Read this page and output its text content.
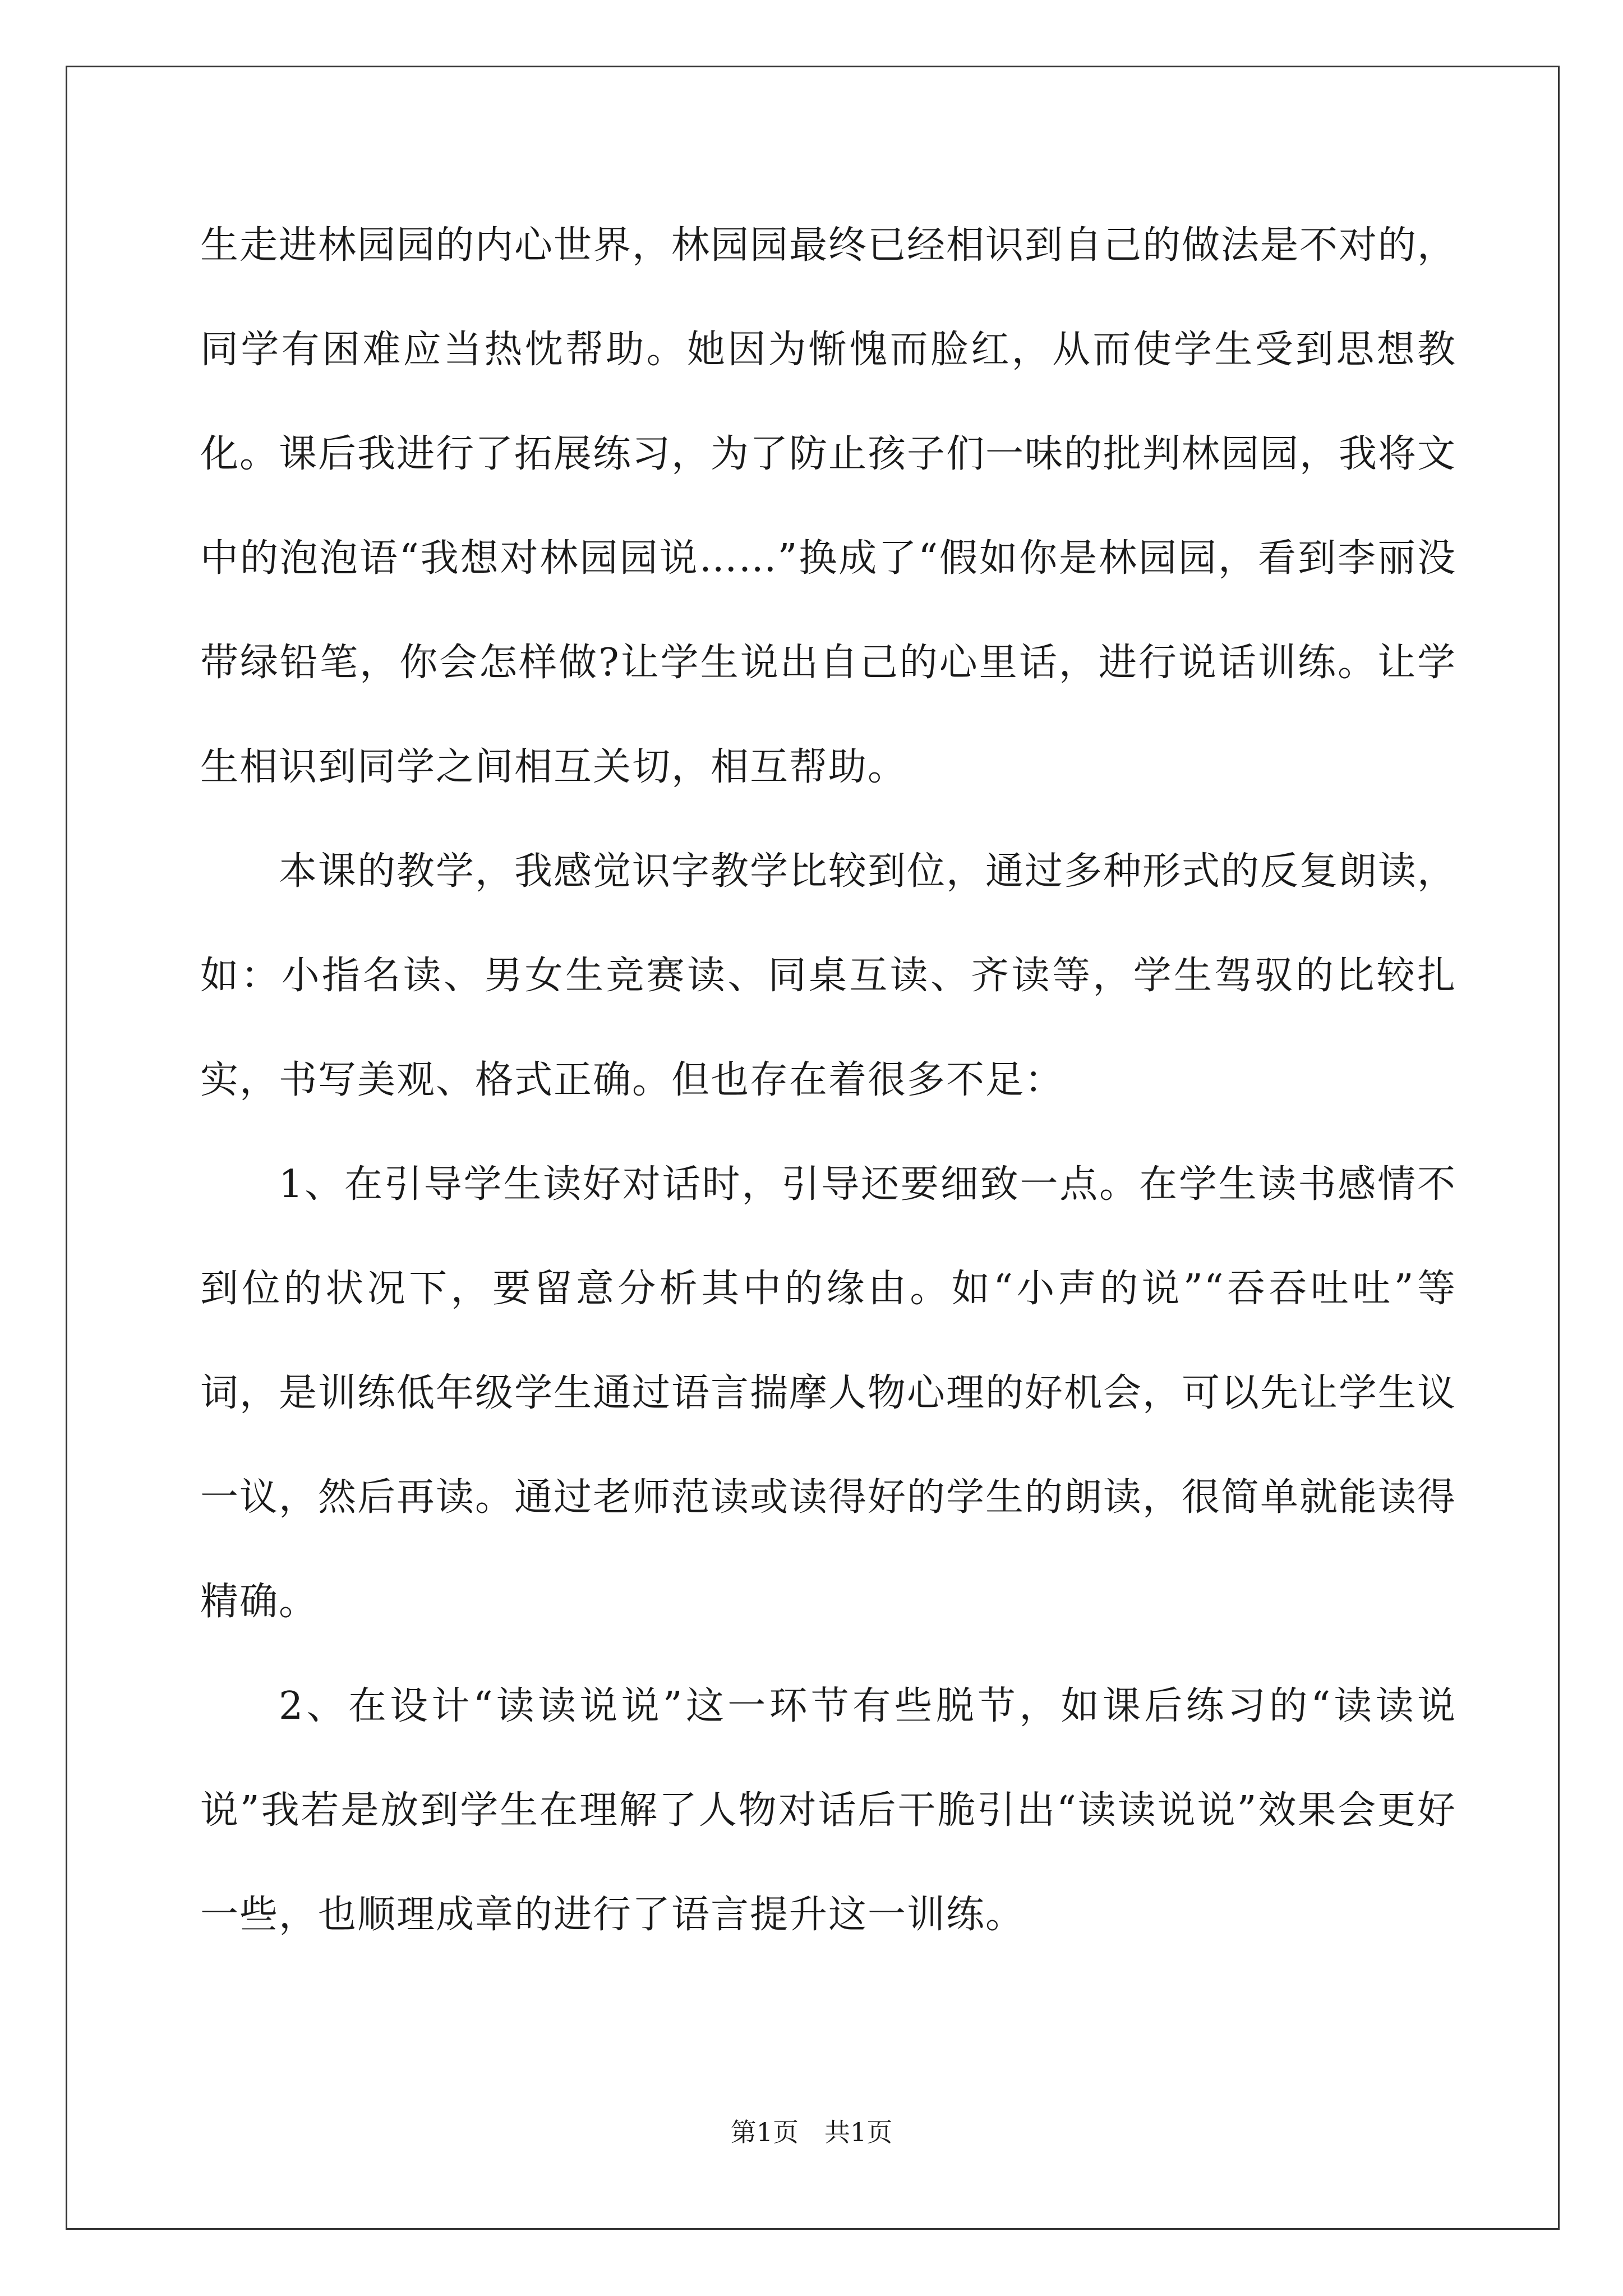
生走进林园园的内心世界，林园园最终已经相识到自己的做法是不对的，同学有困难应当热忱帮助。她因为惭愧而脸红，从而使学生受到思想教化。课后我进行了拓展练习，为了防止孩子们一味的批判林园园，我将文中的泡泡语“我想对林园园说……”换成了“假如你是林园园，看到李丽没带绿铅笔，你会怎样做?让学生说出自己的心里话，进行说话训练。让学生相识到同学之间相互关切，相互帮助。

本课的教学，我感觉识字教学比较到位，通过多种形式的反复朗读，如：小指名读、男女生竞赛读、同桌互读、齐读等，学生驾驭的比较扎实，书写美观、格式正确。但也存在着很多不足：

1、在引导学生读好对话时，引导还要细致一点。在学生读书感情不到位的状况下，要留意分析其中的缘由。如“小声的说”“吞吞吐吐”等词，是训练低年级学生通过语言揣摩人物心理的好机会，可以先让学生议一议，然后再读。通过老师范读或读得好的学生的朗读，很简单就能读得精确。

2、在设计“读读说说”这一环节有些脱节，如课后练习的“读读说说”我若是放到学生在理解了人物对话后干脆引出“读读说说”效果会更好一些，也顺理成章的进行了语言提升这一训练。

第1页　共1页
